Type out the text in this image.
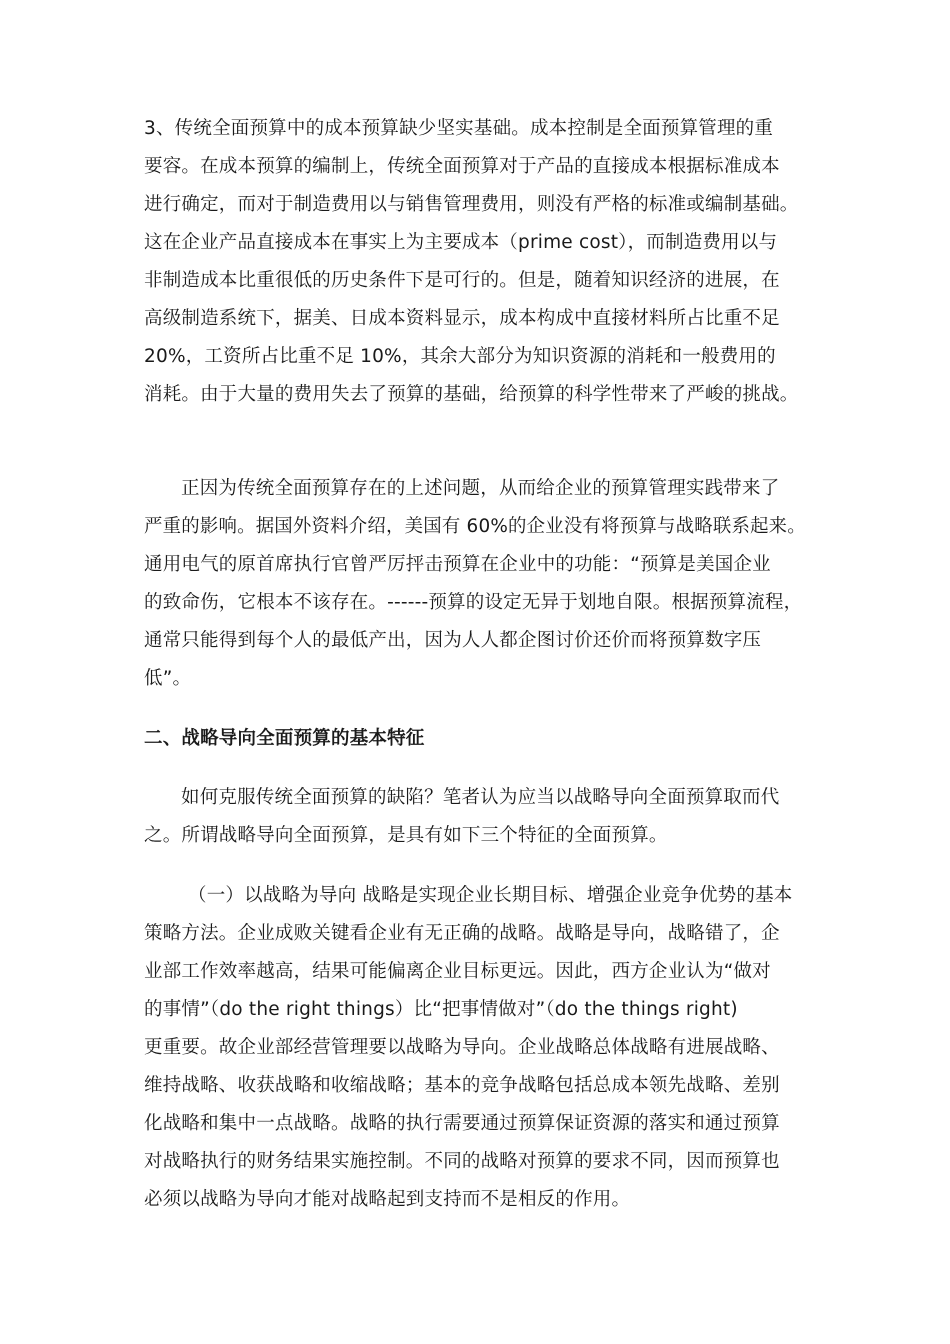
3、传统全面预算中的成本预算缺少坚实基础。成本控制是全面预算管理的重
要容。在成本预算的编制上，传统全面预算对于产品的直接成本根据标准成本
进行确定，而对于制造费用以与销售管理费用，则没有严格的标准或编制基础。
这在企业产品直接成本在事实上为主要成本（prime cost），而制造费用以与
非制造成本比重很低的历史条件下是可行的。但是，随着知识经济的进展，在
高级制造系统下，据美、日成本资料显示，成本构成中直接材料所占比重不足
20%，工资所占比重不足 10%，其余大部分为知识资源的消耗和一般费用的
消耗。由于大量的费用失去了预算的基础，给预算的科学性带来了严峻的挑战。
正因为传统全面预算存在的上述问题，从而给企业的预算管理实践带来了
严重的影响。据国外资料介绍，美国有 60%的企业没有将预算与战略联系起来。
通用电气的原首席执行官曾严厉抨击预算在企业中的功能：“预算是美国企业
的致命伤，它根本不该存在。------预算的设定无异于划地自限。根据预算流程，
通常只能得到每个人的最低产出，因为人人都企图讨价还价而将预算数字压
低”。
二、战略导向全面预算的基本特征
如何克服传统全面预算的缺陷？笔者认为应当以战略导向全面预算取而代
之。所谓战略导向全面预算，是具有如下三个特征的全面预算。
（一）以战略为导向 战略是实现企业长期目标、增强企业竞争优势的基本
策略方法。企业成败关键看企业有无正确的战略。战略是导向，战略错了，企
业部工作效率越高，结果可能偏离企业目标更远。因此，西方企业认为“做对
的事情”（do the right things）比“把事情做对”（do the things right)
更重要。故企业部经营管理要以战略为导向。企业战略总体战略有进展战略、
维持战略、收获战略和收缩战略；基本的竞争战略包括总成本领先战略、差别
化战略和集中一点战略。战略的执行需要通过预算保证资源的落实和通过预算
对战略执行的财务结果实施控制。不同的战略对预算的要求不同，因而预算也
必须以战略为导向才能对战略起到支持而不是相反的作用。
